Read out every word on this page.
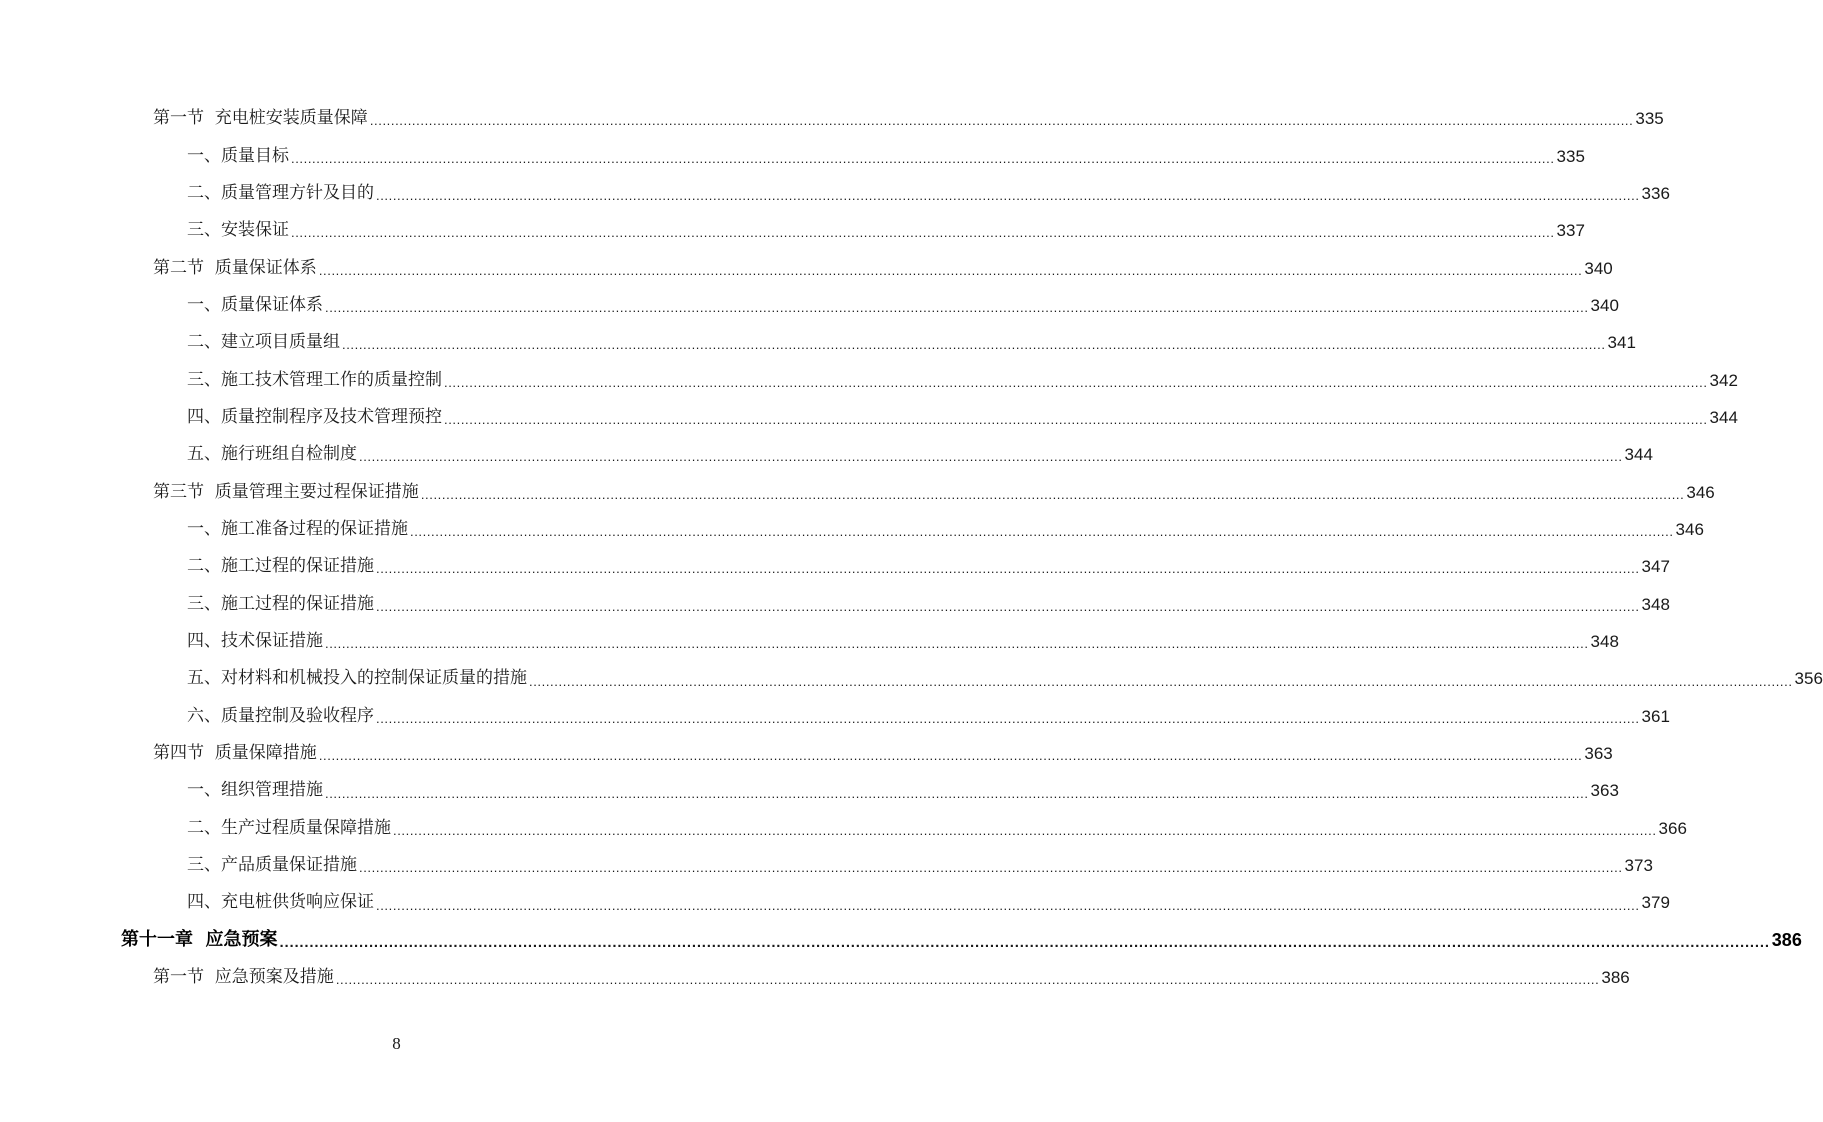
第一节  充电桩安装质量保障 ............................................................................................................................................................................................................................................................................................................ 335
一、质量目标 ............................................................................................................................................................................................................................................................................................................ 335
二、质量管理方针及目的 ............................................................................................................................................................................................................................................................................................................ 336
三、安装保证 ............................................................................................................................................................................................................................................................................................................ 337
第二节  质量保证体系 ............................................................................................................................................................................................................................................................................................................ 340
一、质量保证体系 ............................................................................................................................................................................................................................................................................................................ 340
二、建立项目质量组 ............................................................................................................................................................................................................................................................................................................ 341
三、施工技术管理工作的质量控制 ............................................................................................................................................................................................................................................................................................................ 342
四、质量控制程序及技术管理预控 ............................................................................................................................................................................................................................................................................................................ 344
五、施行班组自检制度 ............................................................................................................................................................................................................................................................................................................ 344
第三节  质量管理主要过程保证措施 ............................................................................................................................................................................................................................................................................................................ 346
一、施工准备过程的保证措施 ............................................................................................................................................................................................................................................................................................................ 346
二、施工过程的保证措施 ............................................................................................................................................................................................................................................................................................................ 347
三、施工过程的保证措施 ............................................................................................................................................................................................................................................................................................................ 348
四、技术保证措施 ............................................................................................................................................................................................................................................................................................................ 348
五、对材料和机械投入的控制保证质量的措施 ............................................................................................................................................................................................................................................................................................................ 356
六、质量控制及验收程序 ............................................................................................................................................................................................................................................................................................................ 361
第四节  质量保障措施 ............................................................................................................................................................................................................................................................................................................ 363
一、组织管理措施 ............................................................................................................................................................................................................................................................................................................ 363
二、生产过程质量保障措施 ............................................................................................................................................................................................................................................................................................................ 366
三、产品质量保证措施 ............................................................................................................................................................................................................................................................................................................ 373
四、充电桩供货响应保证 ............................................................................................................................................................................................................................................................................................................ 379
第十一章  应急预案 ............................................................................................................................................................................................................................................................................................................ 386
第一节  应急预案及措施 ............................................................................................................................................................................................................................................................................................................ 386
8
